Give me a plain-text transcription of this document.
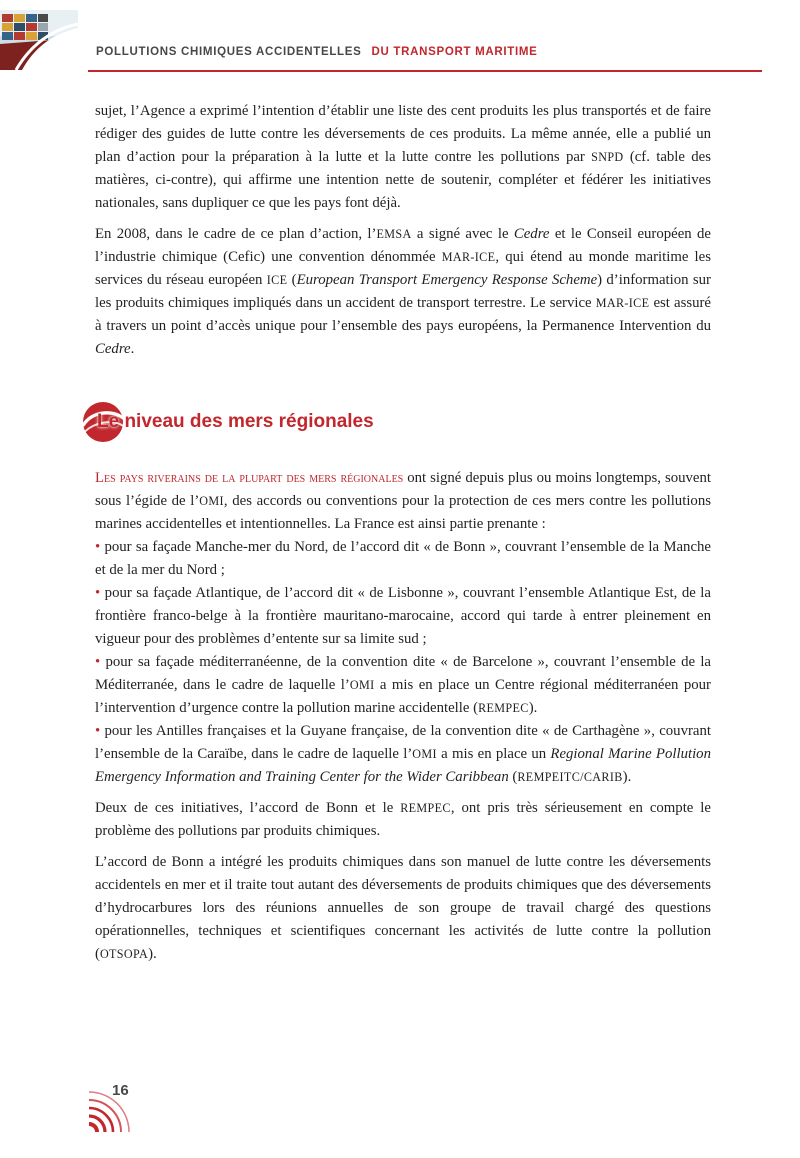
POLLUTIONS CHIMIQUES ACCIDENTELLES DU TRANSPORT MARITIME

sujet, l’Agence a exprimé l’intention d’établir une liste des cent produits les plus transportés et de faire rédiger des guides de lutte contre les déversements de ces produits. La même année, elle a publié un plan d’action pour la préparation à la lutte et la lutte contre les pollutions par SNPD (cf. table des matières, ci-contre), qui affirme une intention nette de soutenir, compléter et fédérer les initiatives nationales, sans dupliquer ce que les pays font déjà.

En 2008, dans le cadre de ce plan d’action, l’EMSA a signé avec le Cedre et le Conseil européen de l’industrie chimique (Cefic) une convention dénommée MAR-ICE, qui étend au monde maritime les services du réseau européen ICE (European Transport Emergency Response Scheme) d’information sur les produits chimiques impliqués dans un accident de transport terrestre. Le service MAR-ICE est assuré à travers un point d’accès unique pour l’ensemble des pays européens, la Permanence Intervention du Cedre.

Le niveau des mers régionales

Les pays riverains de la plupart des mers régionales ont signé depuis plus ou moins longtemps, souvent sous l’égide de l’OMI, des accords ou conventions pour la protection de ces mers contre les pollutions marines accidentelles et intentionnelles. La France est ainsi partie prenante :

• pour sa façade Manche-mer du Nord, de l’accord dit « de Bonn », couvrant l’ensemble de la Manche et de la mer du Nord ;

• pour sa façade Atlantique, de l’accord dit « de Lisbonne », couvrant l’ensemble Atlantique Est, de la frontière franco-belge à la frontière mauritano-marocaine, accord qui tarde à entrer pleinement en vigueur pour des problèmes d’entente sur sa limite sud ;

• pour sa façade méditerranéenne, de la convention dite « de Barcelone », couvrant l’ensemble de la Méditerranée, dans le cadre de laquelle l’OMI a mis en place un Centre régional méditerranéen pour l’intervention d’urgence contre la pollution marine accidentelle (REMPEC).

• pour les Antilles françaises et la Guyane française, de la convention dite « de Carthagène », couvrant l’ensemble de la Caraïbe, dans le cadre de laquelle l’OMI a mis en place un Regional Marine Pollution Emergency Information and Training Center for the Wider Caribbean (REMPEITC/CARIB).

Deux de ces initiatives, l’accord de Bonn et le REMPEC, ont pris très sérieusement en compte le problème des pollutions par produits chimiques.

L’accord de Bonn a intégré les produits chimiques dans son manuel de lutte contre les déversements accidentels en mer et il traite tout autant des déversements de produits chimiques que des déversements d’hydrocarbures lors des réunions annuelles de son groupe de travail chargé des questions opérationnelles, techniques et scientifiques concernant les activités de lutte contre la pollution (OTSOPA).

16
